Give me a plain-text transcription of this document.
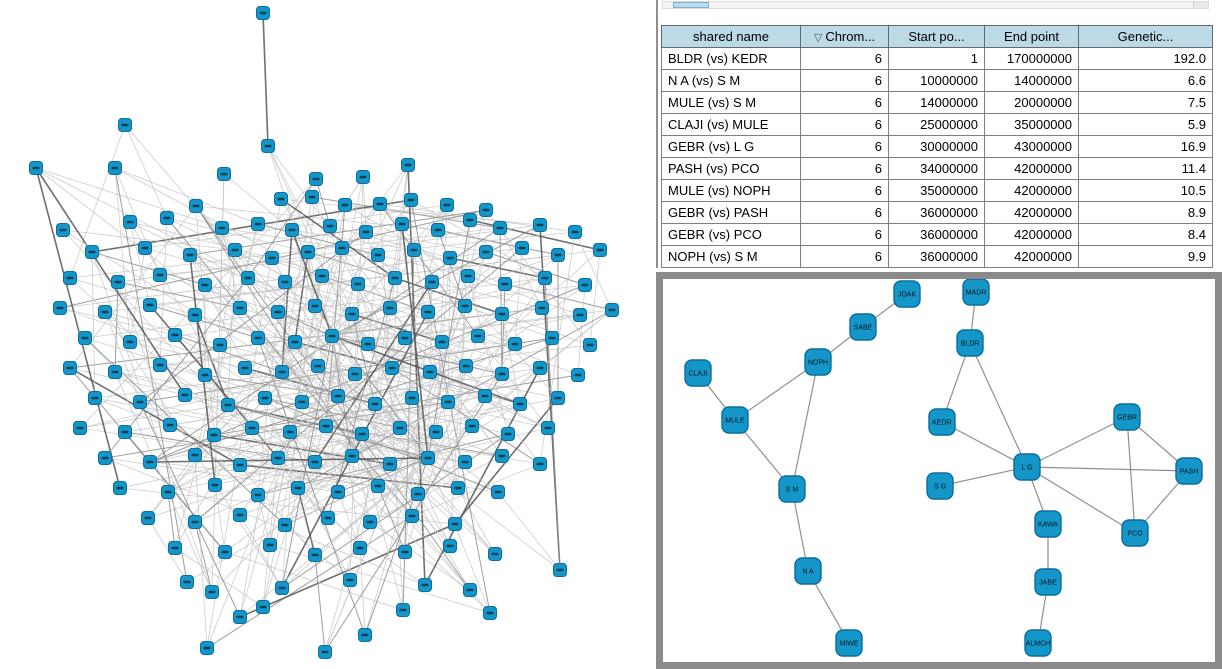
shared name	▽ Chrom...	Start po...	End point	Genetic...
BLDR (vs) KEDR	6	1	170000000	192.0
N A (vs) S M	6	10000000	14000000	6.6
MULE (vs) S M	6	14000000	20000000	7.5
CLAJI (vs) MULE	6	25000000	35000000	5.9
GEBR (vs) L G	6	30000000	43000000	16.9
PASH (vs) PCO	6	34000000	42000000	11.4
MULE (vs) NOPH	6	35000000	42000000	10.5
GEBR (vs) PASH	6	36000000	42000000	8.9
GEBR (vs) PCO	6	36000000	42000000	8.4
NOPH (vs) S M	6	36000000	42000000	9.9
JOAK
SABE
NOPH
CLAJI
MULE
S M
N A
MIWE
MADR
BLDR
KEDR
S G
L G
KAWA
JABE
ALMCH
GEBR
PASH
PCO
